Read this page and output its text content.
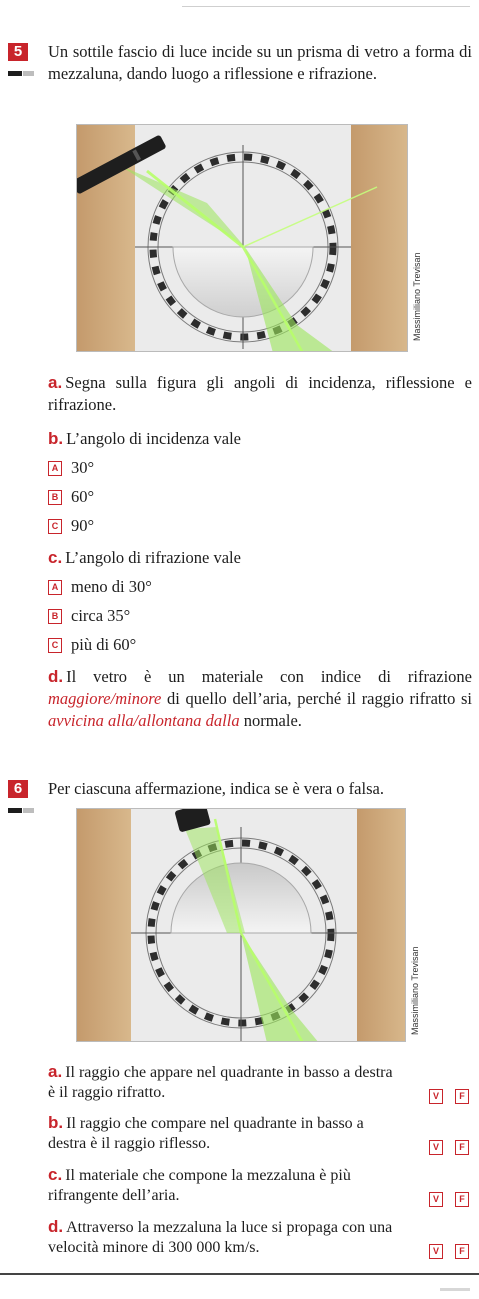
5	Un sottile fascio di luce incide su un prisma di vetro a forma di mezzaluna, dando luogo a riflessione e rifrazione.
Massimiliano Trevisan
a. Segna sulla figura gli angoli di incidenza, riflessione e rifrazione.
b. L’angolo di incidenza vale
A 30°
B 60°
C 90°
c. L’angolo di rifrazione vale
A meno di 30°
B circa 35°
C più di 60°
d. Il vetro è un materiale con indice di rifrazione maggiore/minore di quello dell’aria, perché il raggio rifratto si avvicina alla/allontana dalla normale.
6	Per ciascuna affermazione, indica se è vera o falsa.
Massimiliano Trevisan
a. Il raggio che appare nel quadrante in basso a destra è il raggio rifratto.	V	F
b. Il raggio che compare nel quadrante in basso a destra è il raggio riflesso.	V	F
c. Il materiale che compone la mezzaluna è più rifrangente dell’aria.	V	F
d. Attraverso la mezzaluna la luce si propaga con una velocità minore di 300 000 km/s.	V	F
